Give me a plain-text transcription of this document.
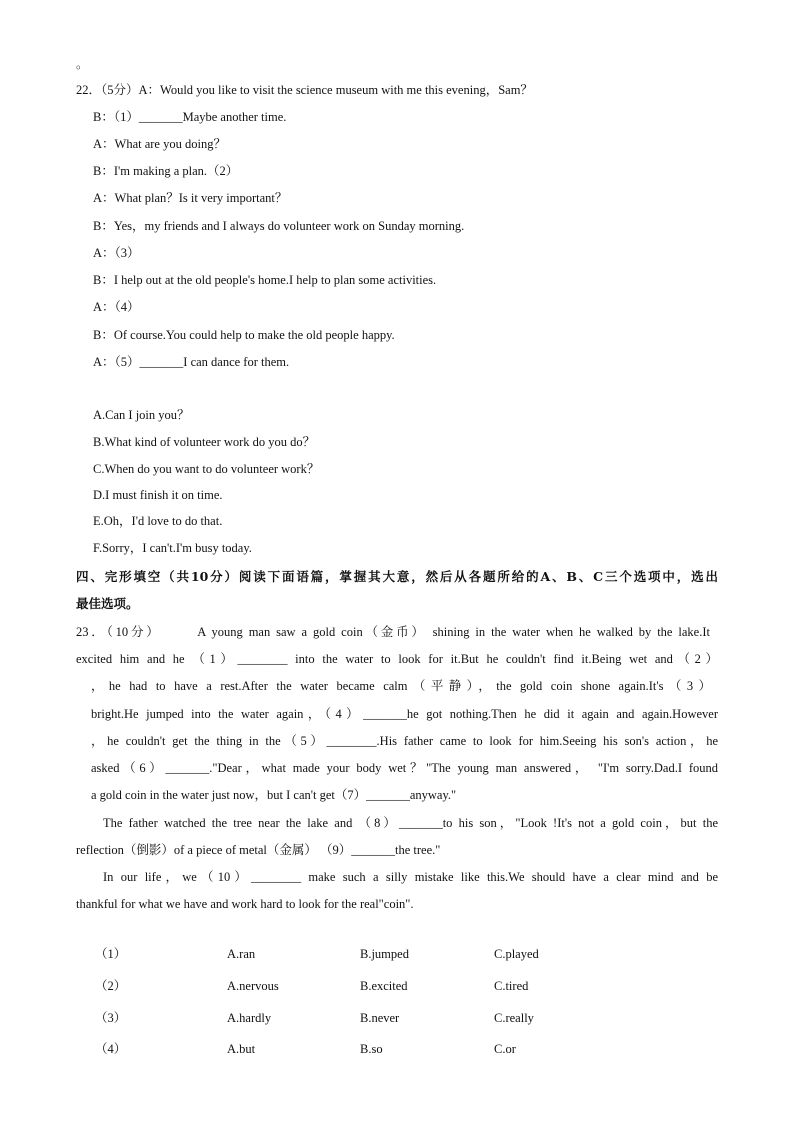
。
22．（5分）A：Would you like to visit the science museum with me this evening，Sam？
B：（1）_______Maybe another time.
A：What are you doing？
B：I'm making a plan.（2）
A：What plan？Is it very important？
B：Yes，my friends and I always do volunteer work on Sunday morning.
A：（3）
B：I help out at the old people's home.I help to plan some activities.
A：（4）
B：Of course.You could help to make the old people happy.
A：（5）_______I can dance for them.
A.Can I join you？
B.What kind of volunteer work do you do？
C.When do you want to do volunteer work？
D.I must finish it on time.
E.Oh，I'd love to do that.
F.Sorry，I can't.I'm busy today.
四、完形填空（共10分）阅读下面语篇，掌握其大意，然后从各题所给的A、B、C三个选项中，选出
最佳选项。
23．（10分）      A young man saw a gold coin（金币） shining in the water when he walked by the lake.It
excited him and he （1）________ into the water to look for it.But he couldn't find it.Being wet and（2）
，he had to have a rest.After the water became calm（平静），the gold coin shone again.It's（3）
bright.He jumped into the water again，（4）_______he got nothing.Then he did it again and again.However
，he couldn't get the thing in the（5）________.His father came to look for him.Seeing his son's action，he
asked（6）_______."Dear，what made your body wet？"The young man answered， "I'm sorry.Dad.I found
a gold coin in the water just now，but I can't get（7）_______anyway."
The father watched the tree near the lake and （8）_______to his son，"Look !It's not a gold coin，but the
reflection（倒影）of a piece of metal（金属） （9）_______the tree."
In our life，we（10）________ make such a silly mistake like this.We should have a clear mind and be
thankful for what we have and work hard to look for the real"coin".
（1）	A.ran	B.jumped	C.played
（2）	A.nervous	B.excited	C.tired
（3）	A.hardly	B.never	C.really
（4）	A.but	B.so	C.or
